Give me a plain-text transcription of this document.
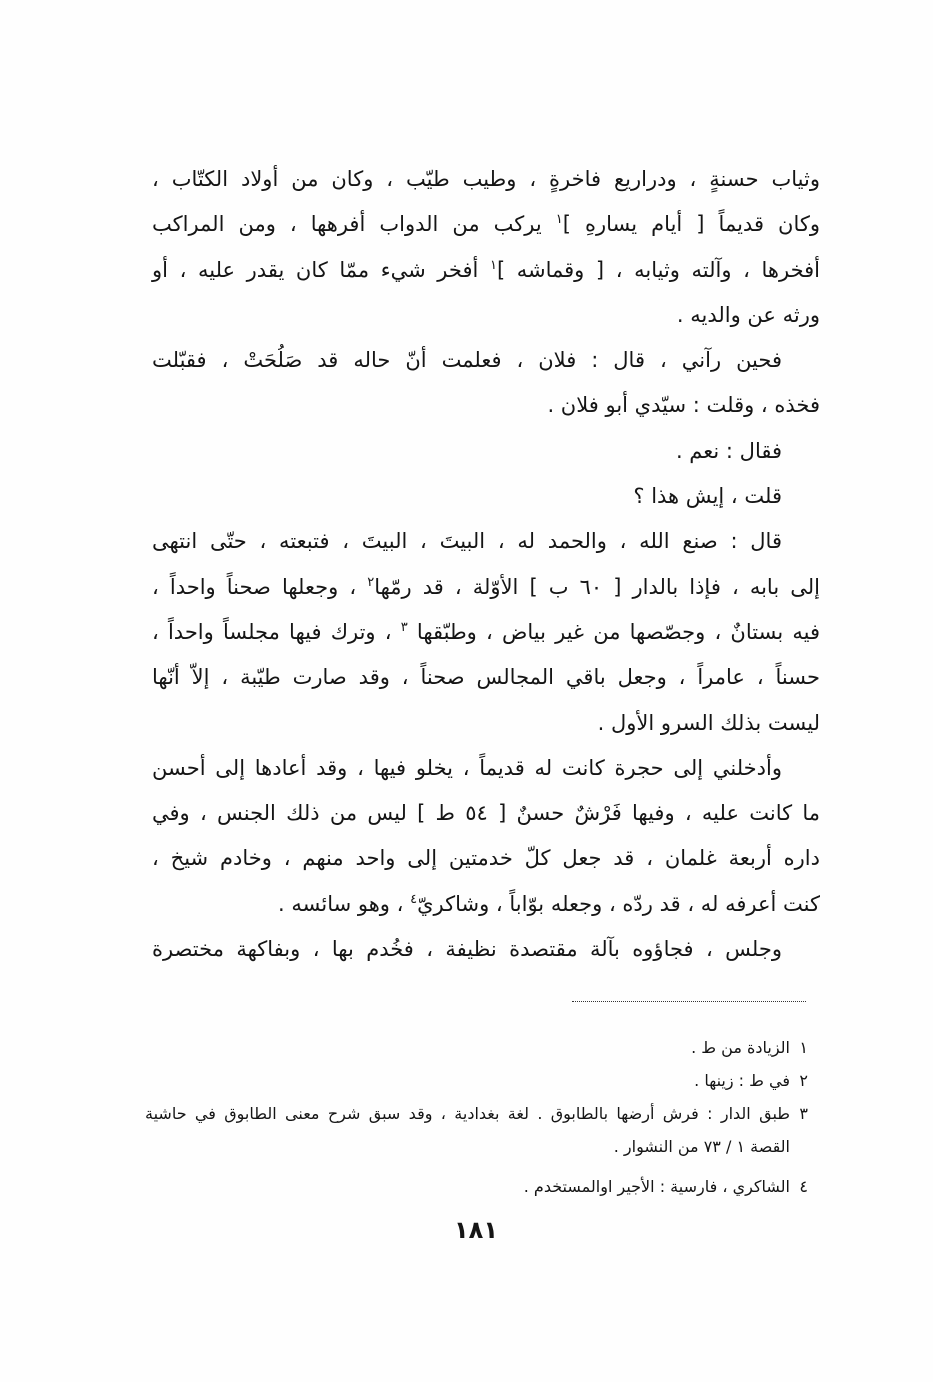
وثياب حسنةٍ ، ودراريع فاخرةٍ ، وطيب طيّب ، وكان من أولاد الكتّاب ،
وكان قديماً [ أيام يسارهِ ]$^١$ يركب من الدواب أفرهها ، ومن المراكب
أفخرها ، وآلته وثيابه ، [ وقماشه ]$^١$ أفخر شيء ممّا كان يقدر عليه ، أو
ورثه عن والديه .
فحين رآني ، قال : فلان ، فعلمت أنّ حاله قد صَلُحَتْ ، فقبّلت
فخذه ، وقلت : سيّدي أبو فلان .
فقال : نعم .
قلت ، إيش هذا ؟
قال : صنع الله ، والحمد له ، البيتَ ، البيتَ ، فتبعته ، حتّى انتهى
إلى بابه ، فإذا بالدار [ ٦٠ ب ] الأوّلة ، قد رمّها$^٢$ ، وجعلها صحناً واحداً ،
فيه بستانٌ ، وجصّصها من غير بياض ، وطبّقها $^٣$ ، وترك فيها مجلساً واحداً ،
حسناً ، عامراً ، وجعل باقي المجالس صحناً ، وقد صارت طيّبة ، إلاّ أنّها
ليست بذلك السرو الأول .
وأدخلني إلى حجرة كانت له قديماً ، يخلو فيها ، وقد أعادها إلى أحسن
ما كانت عليه ، وفيها فَرْشٌ حسنٌ [ ٥٤ ط ] ليس من ذلك الجنس ، وفي
داره أربعة غلمان ، قد جعل كلّ خدمتين إلى واحد منهم ، وخادم شيخ ،
كنت أعرفه له ، قد ردّه ، وجعله بوّاباً ، وشاكريّ$^٤$ ، وهو سائسه .
وجلس ، فجاؤوه بآلة مقتصدة نظيفة ، فخُدم بها ، وبفاكهة مختصرة
١
الزيادة من ط .
٢
في ط : زينها .
٣
طبق الدار : فرش أرضها بالطابوق . لغة بغدادية ، وقد سبق شرح معنى الطابوق في حاشية
القصة ١ / ٧٣ من النشوار .
٤
الشاكري ، فارسية : الأجير اوالمستخدم .
١٨١
